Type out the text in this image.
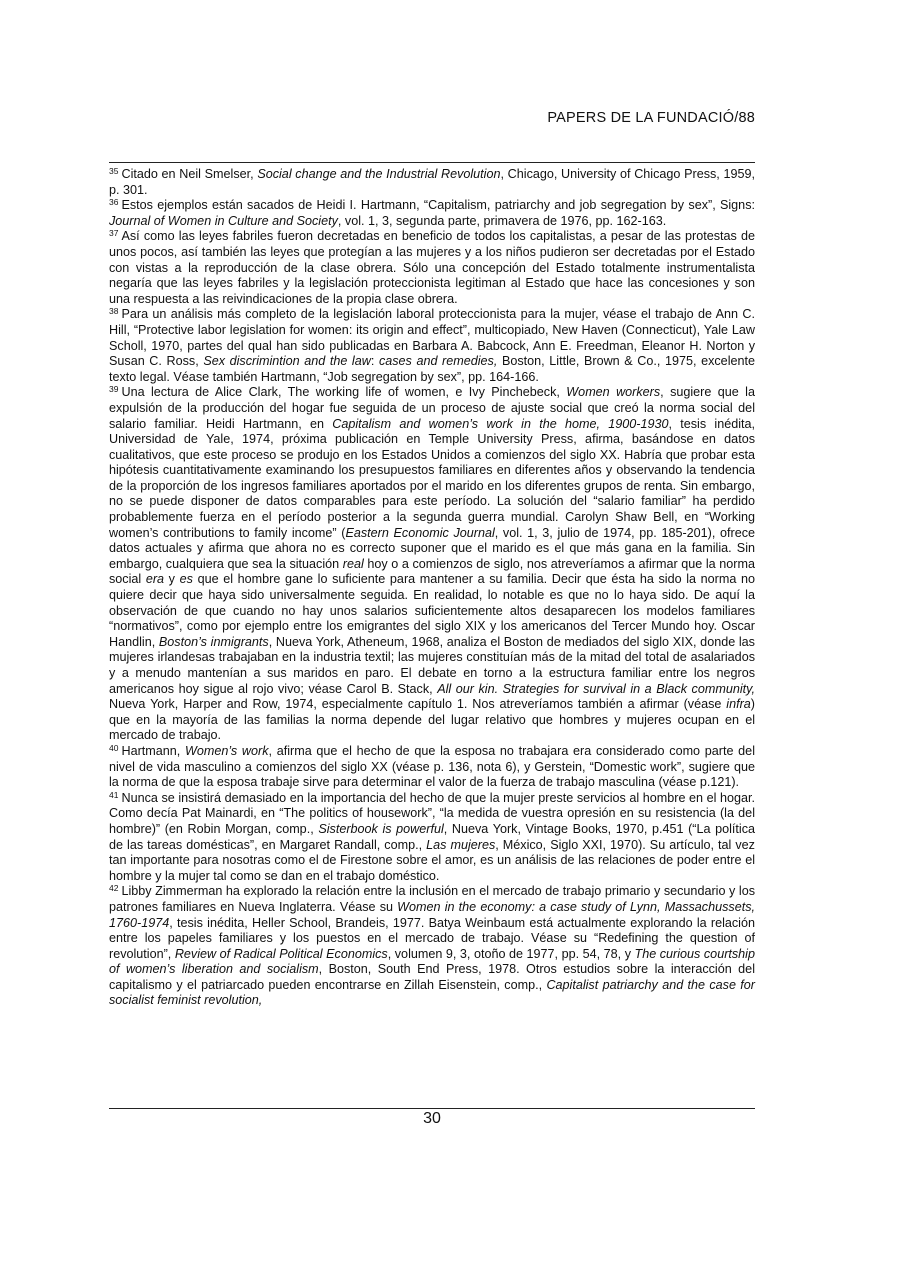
PAPERS DE LA FUNDACIÓ/88

$^{35}$ Citado en Neil Smelser, Social change and the Industrial Revolution, Chicago, University of Chicago Press, 1959, p. 301.

$^{36}$ Estos ejemplos están sacados de Heidi I. Hartmann, “Capitalism, patriarchy and job segregation by sex”, Signs: Journal of Women in Culture and Society, vol. 1, 3, segunda parte, primavera de 1976, pp. 162-163.

$^{37}$ Así como las leyes fabriles fueron decretadas en beneficio de todos los capitalistas, a pesar de las protestas de unos pocos, así también las leyes que protegían a las mujeres y a los niños pudieron ser decretadas por el Estado con vistas a la reproducción de la clase obrera. Sólo una concepción del Estado totalmente instrumentalista negaría que las leyes fabriles y la legislación proteccionista legitiman al Estado que hace las concesiones y son una respuesta a las reivindicaciones de la propia clase obrera.

$^{38}$ Para un análisis más completo de la legislación laboral proteccionista para la mujer, véase el trabajo de Ann C. Hill, “Protective labor legislation for women: its origin and effect”, multicopiado, New Haven (Connecticut), Yale Law Scholl, 1970, partes del qual han sido publicadas en Barbara A. Babcock, Ann E. Freedman, Eleanor H. Norton y Susan C. Ross, Sex discrimintion and the law: cases and remedies, Boston, Little, Brown & Co., 1975, excelente texto legal. Véase también Hartmann, “Job segregation by sex”, pp. 164-166.

$^{39}$ Una lectura de Alice Clark, The working life of women, e Ivy Pinchebeck, Women workers, sugiere que la expulsión de la producción del hogar fue seguida de un proceso de ajuste social que creó la norma social del salario familiar. Heidi Hartmann, en Capitalism and women’s work in the home, 1900-1930, tesis inédita, Universidad de Yale, 1974, próxima publicación en Temple University Press, afirma, basándose en datos cualitativos, que este proceso se produjo en los Estados Unidos a comienzos del siglo XX. Habría que probar esta hipótesis cuantitativamente examinando los presupuestos familiares en diferentes años y observando la tendencia de la proporción de los ingresos familiares aportados por el marido en los diferentes grupos de renta. Sin embargo, no se puede disponer de datos comparables para este período. La solución del “salario familiar” ha perdido probablemente fuerza en el período posterior a la segunda guerra mundial. Carolyn Shaw Bell, en “Working women’s contributions to family income” (Eastern Economic Journal, vol. 1, 3, julio de 1974, pp. 185-201), ofrece datos actuales y afirma que ahora no es correcto suponer que el marido es el que más gana en la familia. Sin embargo, cualquiera que sea la situación real hoy o a comienzos de siglo, nos atreveríamos a afirmar que la norma social era y es que el hombre gane lo suficiente para mantener a su familia. Decir que ésta ha sido la norma no quiere decir que haya sido universalmente seguida. En realidad, lo notable es que no lo haya sido. De aquí la observación de que cuando no hay unos salarios suficientemente altos desaparecen los modelos familiares “normativos”, como por ejemplo entre los emigrantes del siglo XIX y los americanos del Tercer Mundo hoy. Oscar Handlin, Boston’s inmigrants, Nueva York, Atheneum, 1968, analiza el Boston de mediados del siglo XIX, donde las mujeres irlandesas trabajaban en la industria textil; las mujeres constituían más de la mitad del total de asalariados y a menudo mantenían a sus maridos en paro. El debate en torno a la estructura familiar entre los negros americanos hoy sigue al rojo vivo; véase Carol B. Stack, All our kin. Strategies for survival in a Black community, Nueva York, Harper and Row, 1974, especialmente capítulo 1. Nos atreveríamos también a afirmar (véase infra) que en la mayoría de las familias la norma depende del lugar relativo que hombres y mujeres ocupan en el mercado de trabajo.

$^{40}$ Hartmann, Women’s work, afirma que el hecho de que la esposa no trabajara era considerado como parte del nivel de vida masculino a comienzos del siglo XX (véase p. 136, nota 6), y Gerstein, “Domestic work”, sugiere que la norma de que la esposa trabaje sirve para determinar el valor de la fuerza de trabajo masculina (véase p.121).

$^{41}$ Nunca se insistirá demasiado en la importancia del hecho de que la mujer preste servicios al hombre en el hogar. Como decía Pat Mainardi, en “The politics of housework”, “la medida de vuestra opresión en su resistencia (la del hombre)” (en Robin Morgan, comp., Sisterbook is powerful, Nueva York, Vintage Books, 1970, p.451 (“La política de las tareas domésticas”, en Margaret Randall, comp., Las mujeres, México, Siglo XXI, 1970). Su artículo, tal vez tan importante para nosotras como el de Firestone sobre el amor, es un análisis de las relaciones de poder entre el hombre y la mujer tal como se dan en el trabajo doméstico.

$^{42}$ Libby Zimmerman ha explorado la relación entre la inclusión en el mercado de trabajo primario y secundario y los patrones familiares en Nueva Inglaterra. Véase su Women in the economy: a case study of Lynn, Massachussets, 1760-1974, tesis inédita, Heller School, Brandeis, 1977. Batya Weinbaum está actualmente explorando la relación entre los papeles familiares y los puestos en el mercado de trabajo. Véase su “Redefining the question of revolution”, Review of Radical Political Economics, volumen 9, 3, otoño de 1977, pp. 54, 78, y The curious courtship of women’s liberation and socialism, Boston, South End Press, 1978. Otros estudios sobre la interacción del capitalismo y el patriarcado pueden encontrarse en Zillah Eisenstein, comp., Capitalist patriarchy and the case for socialist feminist revolution,

30
